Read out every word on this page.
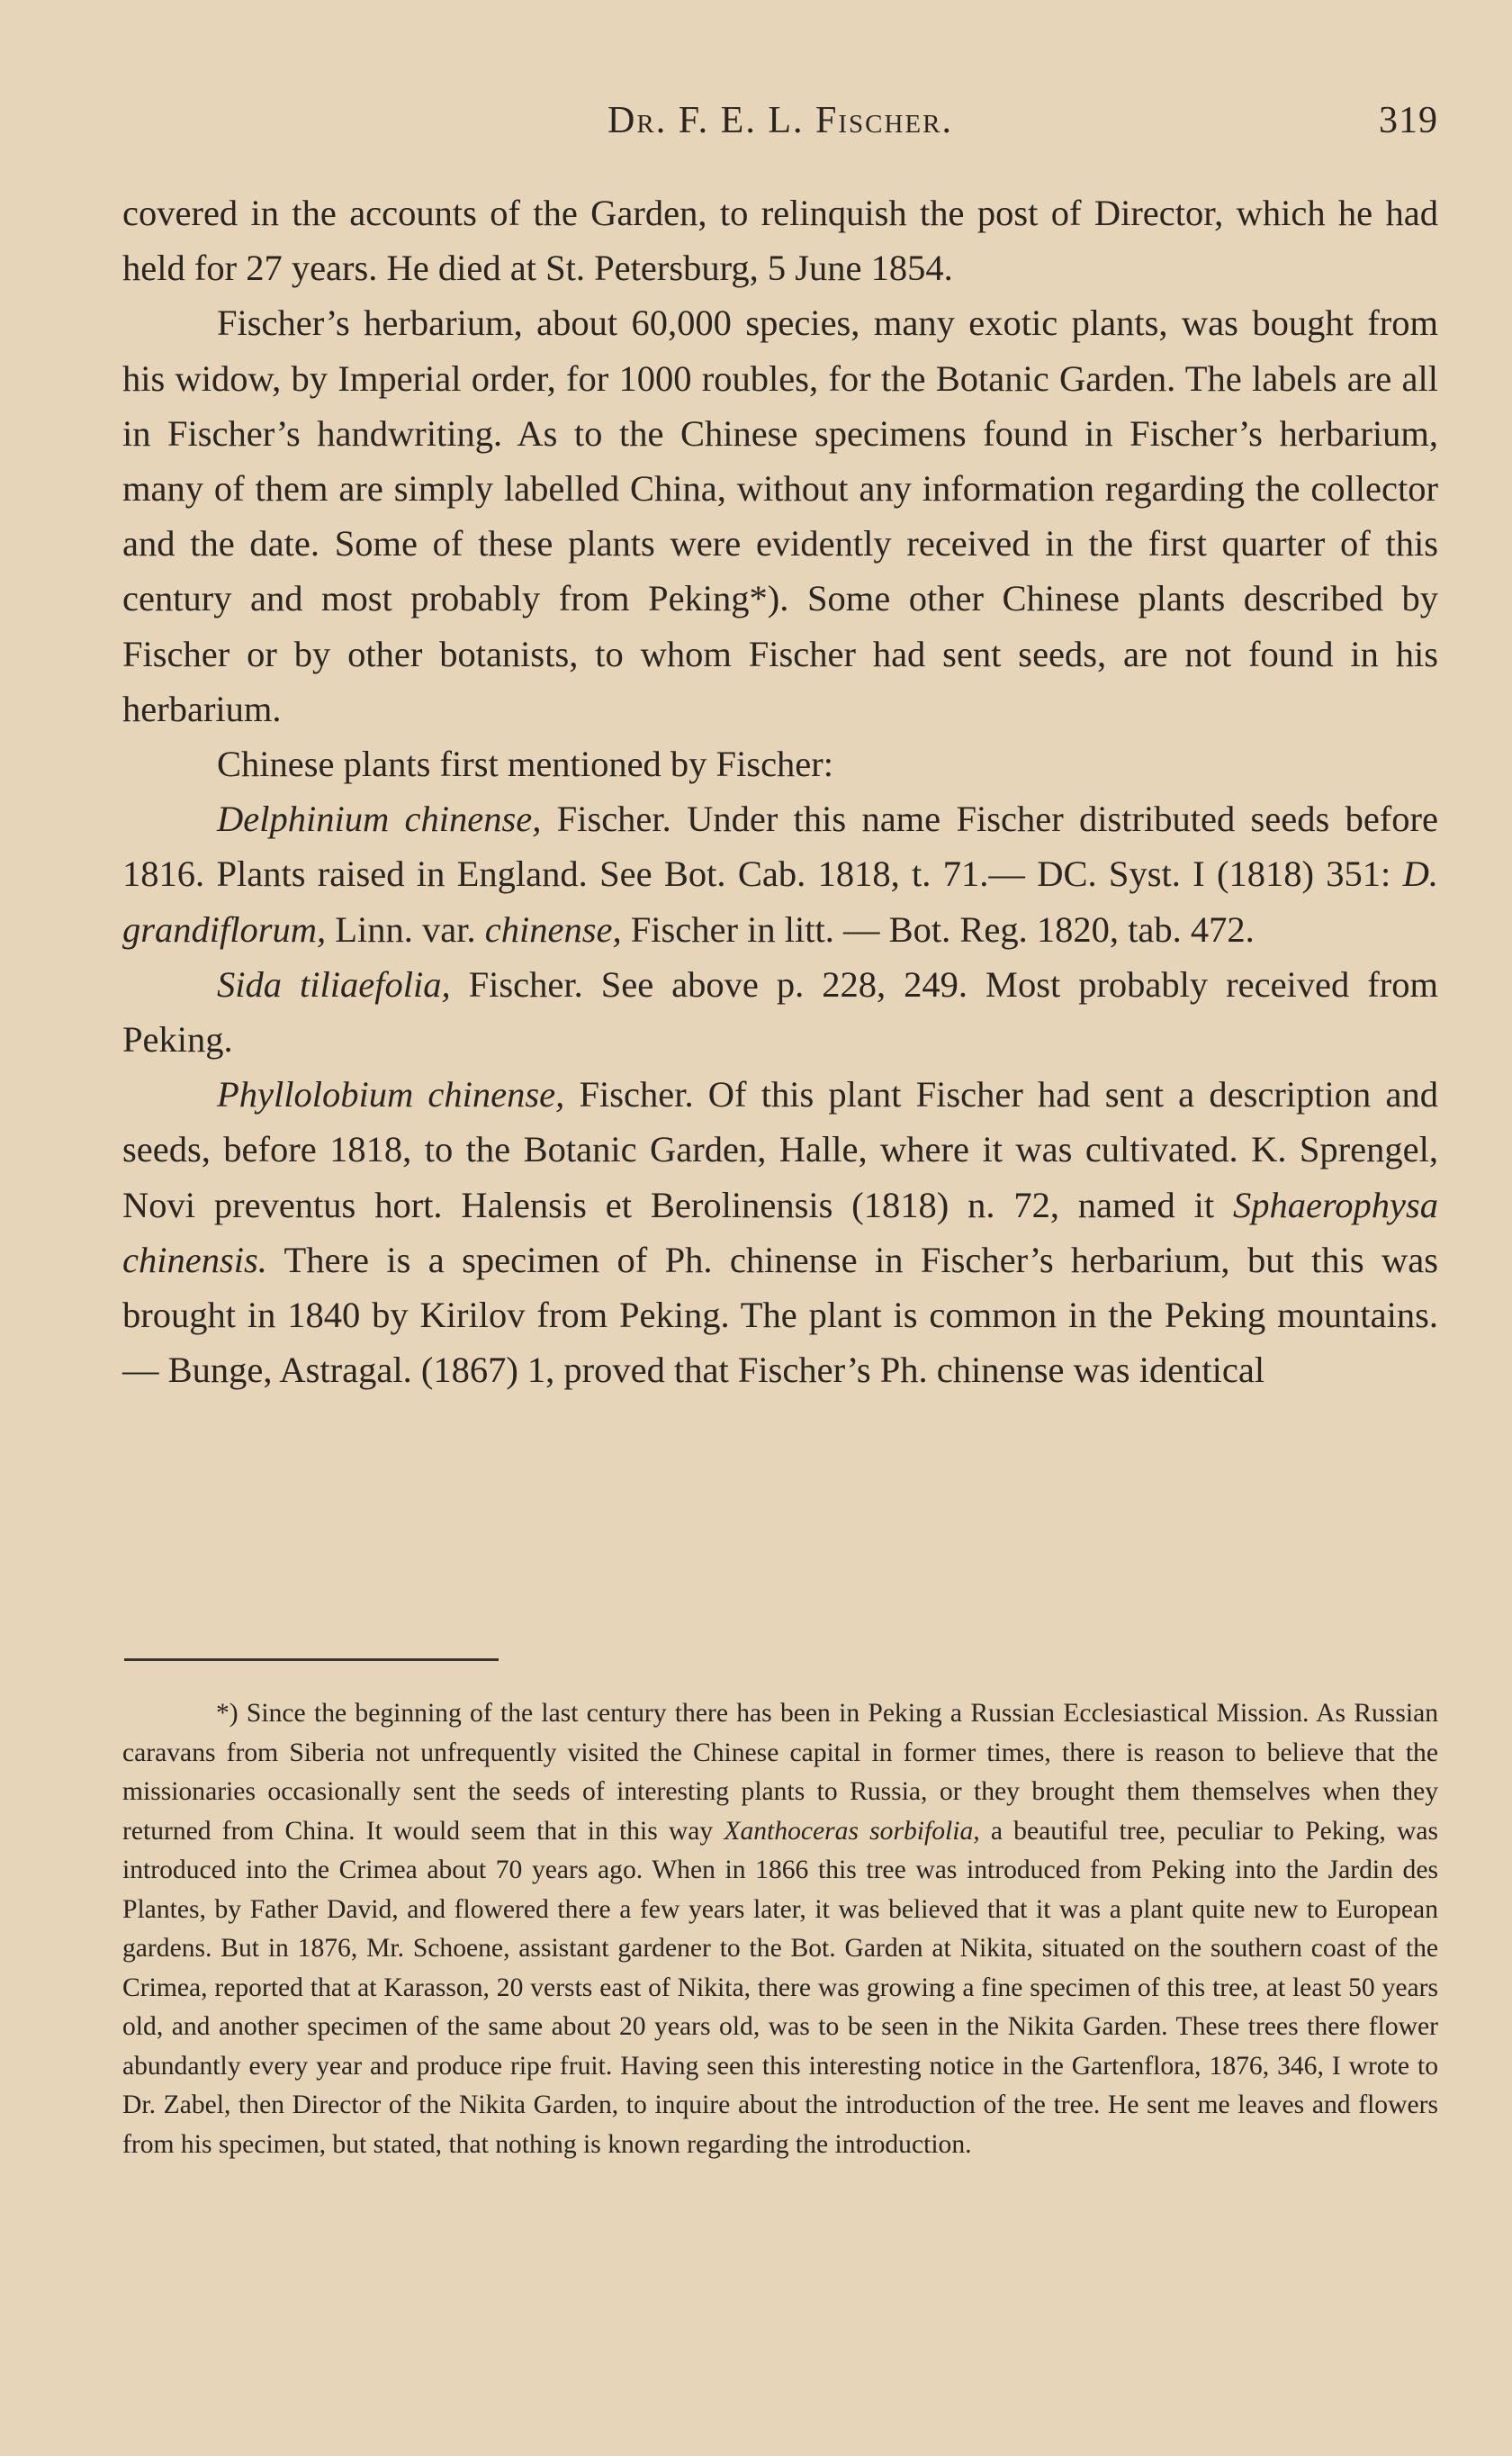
Dr. F. E. L. Fischer.	319

covered in the accounts of the Garden, to relinquish the post of Director, which he had held for 27 years. He died at St. Petersburg, 5 June 1854.

Fischer’s herbarium, about 60,000 species, many exotic plants, was bought from his widow, by Imperial order, for 1000 roubles, for the Botanic Garden. The labels are all in Fischer’s handwriting. As to the Chinese specimens found in Fischer’s herbarium, many of them are simply labelled China, without any information regarding the collector and the date. Some of these plants were evidently received in the first quarter of this century and most probably from Peking*). Some other Chinese plants described by Fischer or by other botanists, to whom Fischer had sent seeds, are not found in his herbarium.

Chinese plants first mentioned by Fischer:

Delphinium chinense, Fischer. Under this name Fischer distributed seeds before 1816. Plants raised in England. See Bot. Cab. 1818, t. 71.— DC. Syst. I (1818) 351: D. grandiflorum, Linn. var. chinense, Fischer in litt. — Bot. Reg. 1820, tab. 472.

Sida tiliaefolia, Fischer. See above p. 228, 249. Most probably received from Peking.

Phyllolobium chinense, Fischer. Of this plant Fischer had sent a description and seeds, before 1818, to the Botanic Garden, Halle, where it was cultivated. K. Sprengel, Novi preventus hort. Halensis et Berolinensis (1818) n. 72, named it Sphaerophysa chinensis. There is a specimen of Ph. chinense in Fischer’s herbarium, but this was brought in 1840 by Kirilov from Peking. The plant is common in the Peking mountains. — Bunge, Astragal. (1867) 1, proved that Fischer’s Ph. chinense was identical

*) Since the beginning of the last century there has been in Peking a Russian Ecclesiastical Mission. As Russian caravans from Siberia not unfrequently visited the Chinese capital in former times, there is reason to believe that the missionaries occasionally sent the seeds of interesting plants to Russia, or they brought them themselves when they returned from China. It would seem that in this way Xanthoceras sorbifolia, a beautiful tree, peculiar to Peking, was introduced into the Crimea about 70 years ago. When in 1866 this tree was introduced from Peking into the Jardin des Plantes, by Father David, and flowered there a few years later, it was believed that it was a plant quite new to European gardens. But in 1876, Mr. Schoene, assistant gardener to the Bot. Garden at Nikita, situated on the southern coast of the Crimea, reported that at Karasson, 20 versts east of Nikita, there was growing a fine specimen of this tree, at least 50 years old, and another specimen of the same about 20 years old, was to be seen in the Nikita Garden. These trees there flower abundantly every year and produce ripe fruit. Having seen this interesting notice in the Gartenflora, 1876, 346, I wrote to Dr. Zabel, then Director of the Nikita Garden, to inquire about the introduction of the tree. He sent me leaves and flowers from his specimen, but stated, that nothing is known regarding the introduction.
